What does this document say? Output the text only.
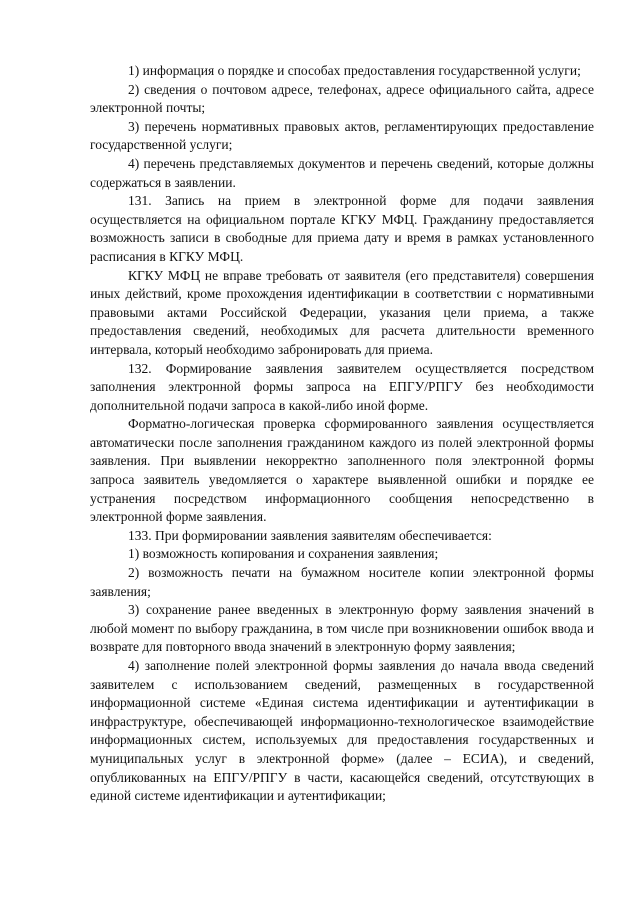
1) информация о порядке и способах предоставления государственной услуги;

2) сведения о почтовом адресе, телефонах, адресе официального сайта, адресе электронной почты;

3) перечень нормативных правовых актов, регламентирующих предоставление государственной услуги;

4) перечень представляемых документов и перечень сведений, которые должны содержаться в заявлении.

131. Запись на прием в электронной форме для подачи заявления осуществляется на официальном портале КГКУ МФЦ. Гражданину предоставляется возможность записи в свободные для приема дату и время в рамках установленного расписания в КГКУ МФЦ.

КГКУ МФЦ не вправе требовать от заявителя (его представителя) совершения иных действий, кроме прохождения идентификации в соответствии с нормативными правовыми актами Российской Федерации, указания цели приема, а также предоставления сведений, необходимых для расчета длительности временного интервала, который необходимо забронировать для приема.

132. Формирование заявления заявителем осуществляется посредством заполнения электронной формы запроса на ЕПГУ/РПГУ без необходимости дополнительной подачи запроса в какой-либо иной форме.

Форматно-логическая проверка сформированного заявления осуществляется автоматически после заполнения гражданином каждого из полей электронной формы заявления. При выявлении некорректно заполненного поля электронной формы запроса заявитель уведомляется о характере выявленной ошибки и порядке ее устранения посредством информационного сообщения непосредственно в электронной форме заявления.

133. При формировании заявления заявителям обеспечивается:

1) возможность копирования и сохранения заявления;

2) возможность печати на бумажном носителе копии электронной формы заявления;

3) сохранение ранее введенных в электронную форму заявления значений в любой момент по выбору гражданина, в том числе при возникновении ошибок ввода и возврате для повторного ввода значений в электронную форму заявления;

4) заполнение полей электронной формы заявления до начала ввода сведений заявителем с использованием сведений, размещенных в государственной информационной системе «Единая система идентификации и аутентификации в инфраструктуре, обеспечивающей информационно-технологическое взаимодействие информационных систем, используемых для предоставления государственных и муниципальных услуг в электронной форме» (далее – ЕСИА), и сведений, опубликованных на ЕПГУ/РПГУ в части, касающейся сведений, отсутствующих в единой системе идентификации и аутентификации;
